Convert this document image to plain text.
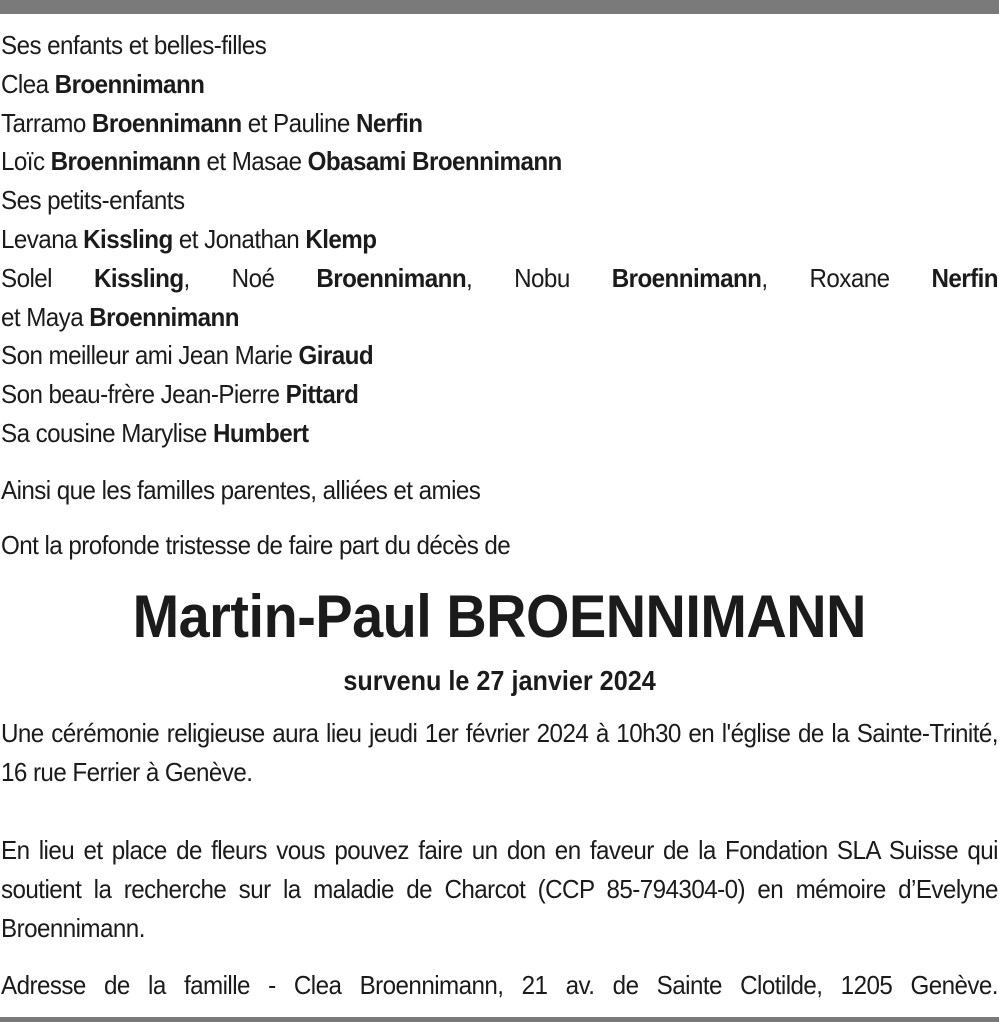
Ses enfants et belles-filles
Clea Broennimann
Tarramo Broennimann et Pauline Nerfin
Loïc Broennimann et Masae Obasami Broennimann
Ses petits-enfants
Levana Kissling et Jonathan Klemp
Solel Kissling, Noé Broennimann, Nobu Broennimann, Roxane Nerfin
et Maya Broennimann
Son meilleur ami Jean Marie Giraud
Son beau-frère Jean-Pierre Pittard
Sa cousine Marylise Humbert
Ainsi que les familles parentes, alliées et amies
Ont la profonde tristesse de faire part du décès de
Martin-Paul BROENNIMANN
survenu le 27 janvier 2024
Une cérémonie religieuse aura lieu jeudi 1er février 2024 à 10h30 en l'église de la Sainte-Trinité, 16 rue Ferrier à Genève.
En lieu et place de fleurs vous pouvez faire un don en faveur de la Fondation SLA Suisse qui soutient la recherche sur la maladie de Charcot (CCP 85-794304-0) en mémoire d’Evelyne Broennimann.
Adresse de la famille - Clea Broennimann, 21 av. de Sainte Clotilde, 1205 Genève.
